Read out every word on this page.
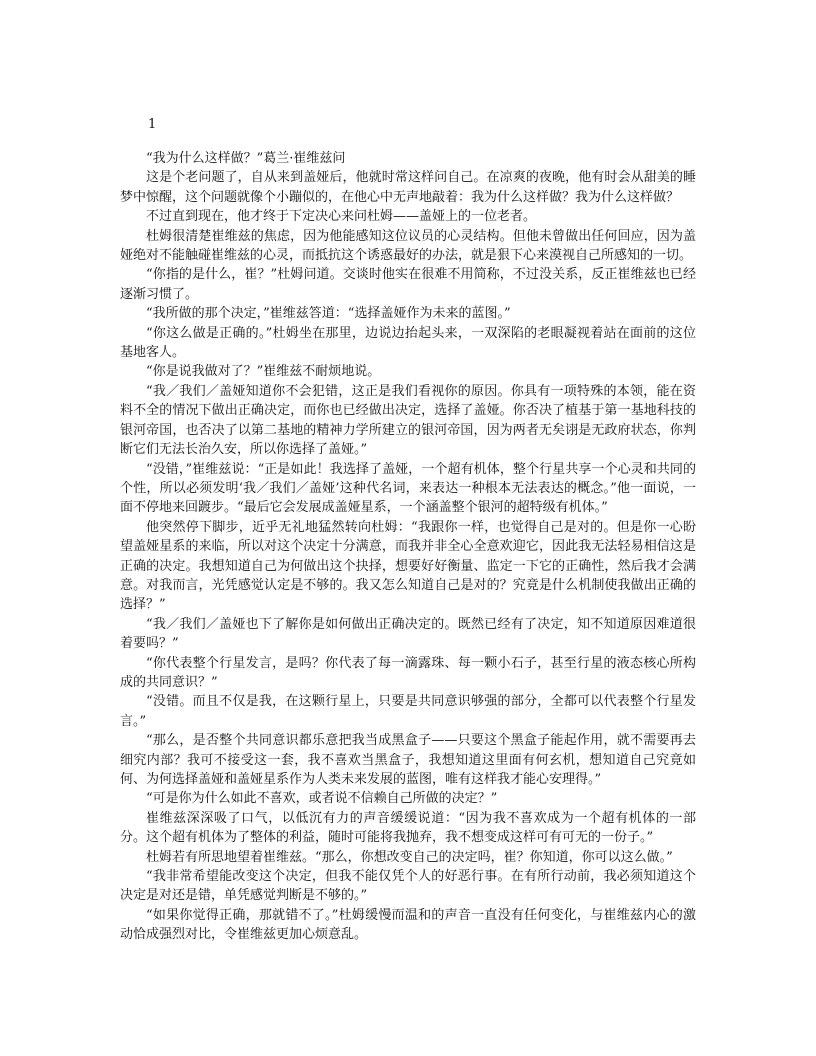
1

“我为什么这样做？”葛兰·崔维兹问

这是个老问题了，自从来到盖娅后，他就时常这样问自己。在凉爽的夜晚，他有时会从甜美的睡梦中惊醒，这个问题就像个小蹦似的，在他心中无声地敲着：我为什么这样做？我为什么这样做？

不过直到现在，他才终于下定决心来问杜姆——盖娅上的一位老者。

杜姆很清楚崔维兹的焦虑，因为他能感知这位议员的心灵结构。但他未曾做出任何回应，因为盖娅绝对不能触碰崔维兹的心灵，而抵抗这个诱惑最好的办法，就是狠下心来漠视自己所感知的一切。

“你指的是什么，崔？”杜姆问道。交谈时他实在很难不用简称，不过没关系，反正崔维兹也已经逐渐习惯了。

“我所做的那个决定，”崔维兹答道：“选择盖娅作为未来的蓝图。”

“你这么做是正确的。”杜姆坐在那里，边说边抬起头来，一双深陷的老眼凝视着站在面前的这位基地客人。

“你是说我做对了？”崔维兹不耐烦地说。

“我／我们／盖娅知道你不会犯错，这正是我们看视你的原因。你具有一项特殊的本领，能在资料不全的情况下做出正确决定，而你也已经做出决定，选择了盖娅。你否决了植基于第一基地科技的银河帝国，也否决了以第二基地的精神力学所建立的银河帝国，因为两者无矣诩是无政府状态，你判断它们无法长治久安，所以你选择了盖娅。”

“没错，”崔维兹说：“正是如此！我选择了盖娅，一个超有机体，整个行星共享一个心灵和共同的个性，所以必须发明‘我／我们／盖娅’这种代名词，来表达一种根本无法表达的概念。”他一面说，一面不停地来回踱步。“最后它会发展成盖娅星系，一个涵盖整个银河的超特级有机体。”

他突然停下脚步，近乎无礼地猛然转向杜姆：“我跟你一样，也觉得自己是对的。但是你一心盼望盖娅星系的来临，所以对这个决定十分满意，而我并非全心全意欢迎它，因此我无法轻易相信这是正确的决定。我想知道自己为何做出这个抉择，想要好好衡量、监定一下它的正确性，然后我才会满意。对我而言，光凭感觉认定是不够的。我又怎么知道自己是对的？究竟是什么机制使我做出正确的选择？”

“我／我们／盖娅也下了解你是如何做出正确决定的。既然已经有了决定，知不知道原因难道很着要吗？”

“你代表整个行星发言，是吗？你代表了每一滴露珠、每一颗小石子，甚至行星的液态核心所构成的共同意识？”

“没错。而且不仅是我，在这颗行星上，只要是共同意识够强的部分，全都可以代表整个行星发言。”

“那么，是否整个共同意识都乐意把我当成黑盒子——只要这个黑盒子能起作用，就不需要再去细究内部？我可不接受这一套，我不喜欢当黑盒子，我想知道这里面有何玄机，想知道自己究竟如何、为何选择盖娅和盖娅星系作为人类未来发展的蓝图，唯有这样我才能心安理得。”

“可是你为什么如此不喜欢，或者说不信赖自己所做的决定？”

崔维兹深深吸了口气，以低沉有力的声音缓缓说道：“因为我不喜欢成为一个超有机体的一部分。这个超有机体为了整体的利益，随时可能将我抛弃，我不想变成这样可有可无的一份子。”

杜姆若有所思地望着崔维兹。“那么，你想改变自己的决定吗，崔？你知道，你可以这么做。”

“我非常希望能改变这个决定，但我不能仅凭个人的好恶行事。在有所行动前，我必须知道这个决定是对还是错，单凭感觉判断是不够的。”

“如果你觉得正确，那就错不了。”杜姆缓慢而温和的声音一直没有任何变化，与崔维兹内心的激动恰成强烈对比，令崔维兹更加心烦意乱。
